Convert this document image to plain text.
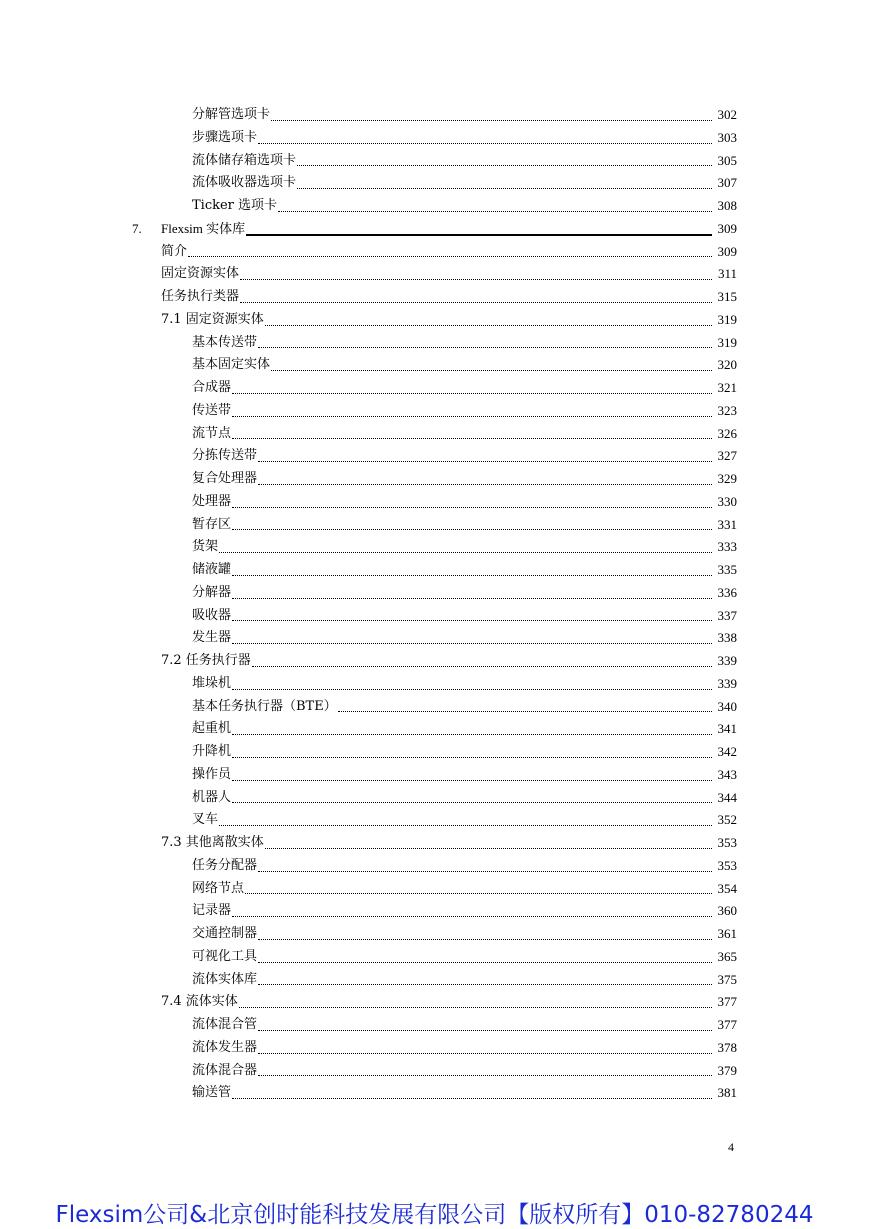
分解管选项卡	302
步骤选项卡	303
流体储存箱选项卡	305
流体吸收器选项卡	307
Ticker 选项卡	308
7. Flexsim 实体库	309
简介	309
固定资源实体	311
任务执行类器	315
7.1 固定资源实体	319
基本传送带	319
基本固定实体	320
合成器	321
传送带	323
流节点	326
分拣传送带	327
复合处理器	329
处理器	330
暂存区	331
货架	333
储液罐	335
分解器	336
吸收器	337
发生器	338
7.2 任务执行器	339
堆垛机	339
基本任务执行器（BTE）	340
起重机	341
升降机	342
操作员	343
机器人	344
叉车	352
7.3 其他离散实体	353
任务分配器	353
网络节点	354
记录器	360
交通控制器	361
可视化工具	365
流体实体库	375
7.4 流体实体	377
流体混合管	377
流体发生器	378
流体混合器	379
输送管	381
4
Flexsim公司&北京创时能科技发展有限公司【版权所有】010-82780244
